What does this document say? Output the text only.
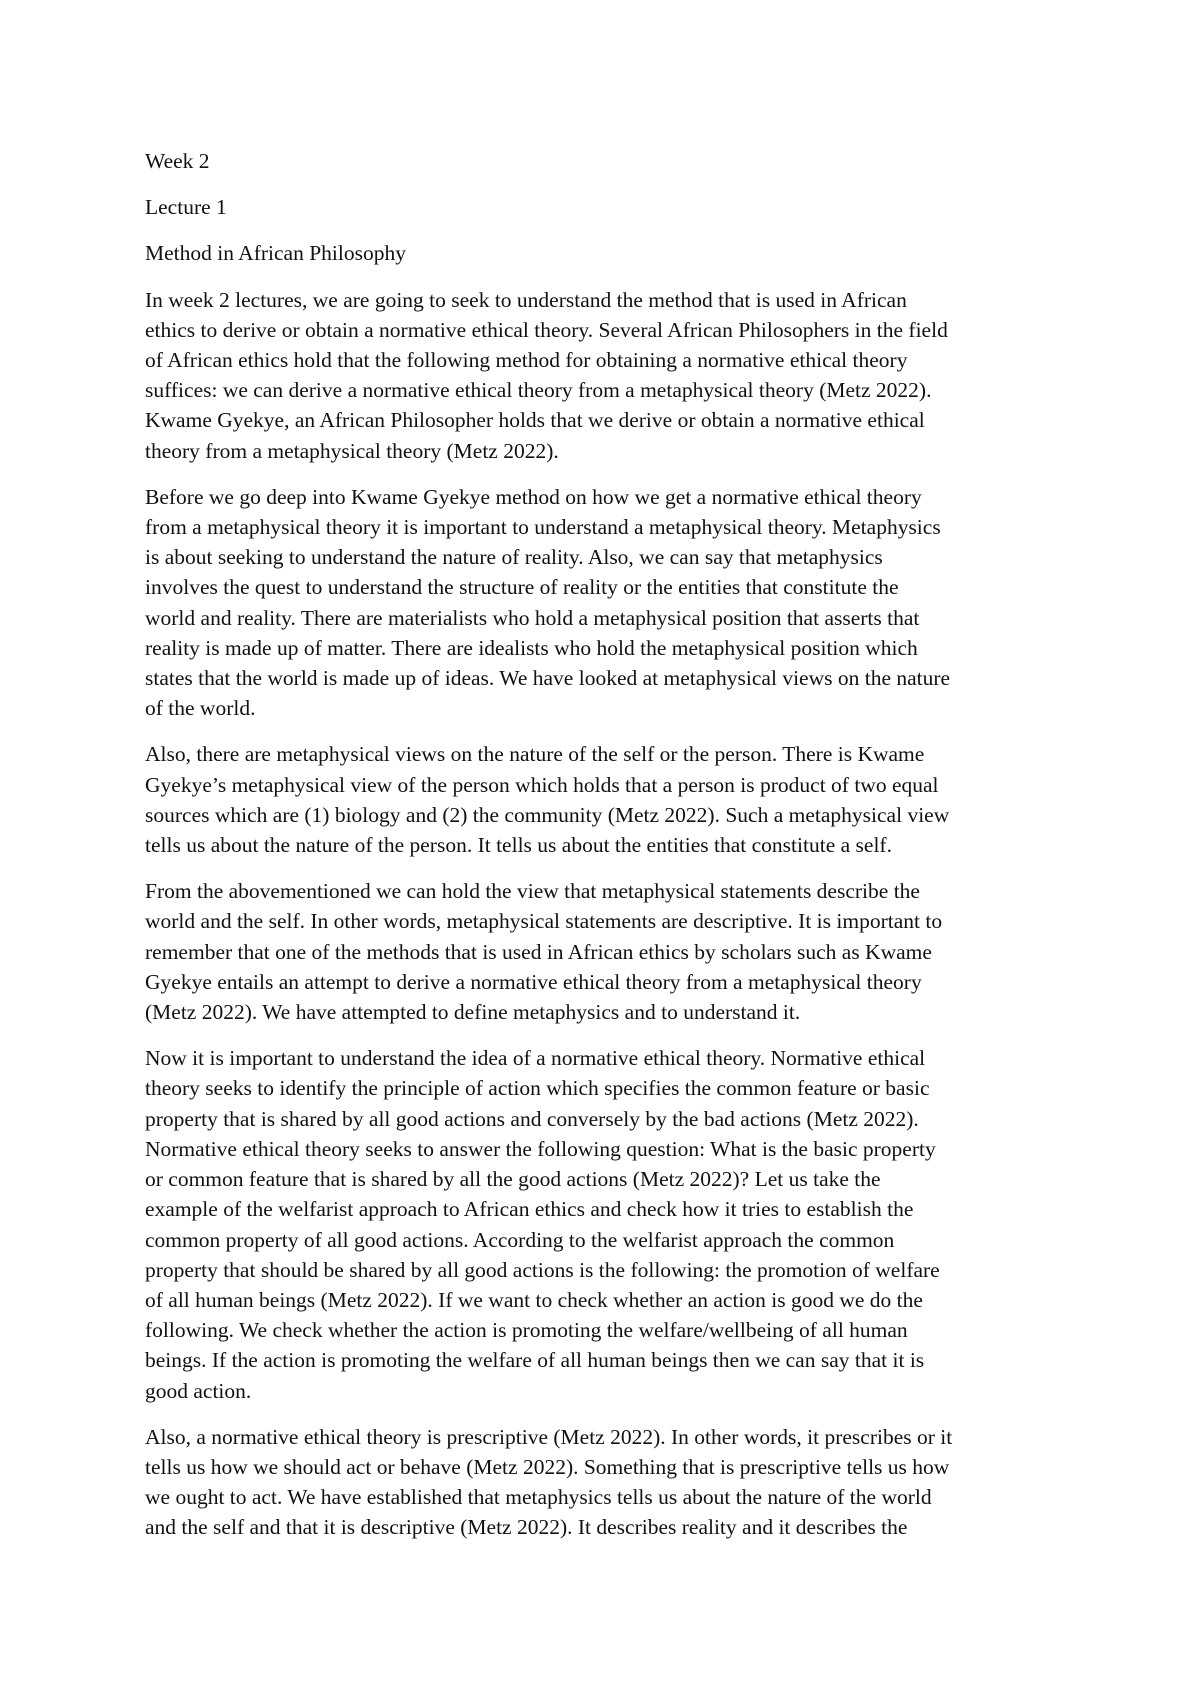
Week 2

Lecture 1

Method in African Philosophy

In week 2 lectures, we are going to seek to understand the method that is used in African
ethics to derive or obtain a normative ethical theory. Several African Philosophers in the field
of African ethics hold that the following method for obtaining a normative ethical theory
suffices: we can derive a normative ethical theory from a metaphysical theory (Metz 2022).
Kwame Gyekye, an African Philosopher holds that we derive or obtain a normative ethical
theory from a metaphysical theory (Metz 2022).

Before we go deep into Kwame Gyekye method on how we get a normative ethical theory
from a metaphysical theory it is important to understand a metaphysical theory. Metaphysics
is about seeking to understand the nature of reality. Also, we can say that metaphysics
involves the quest to understand the structure of reality or the entities that constitute the
world and reality. There are materialists who hold a metaphysical position that asserts that
reality is made up of matter. There are idealists who hold the metaphysical position which
states that the world is made up of ideas. We have looked at metaphysical views on the nature
of the world.

Also, there are metaphysical views on the nature of the self or the person. There is Kwame
Gyekye’s metaphysical view of the person which holds that a person is product of two equal
sources which are (1) biology and (2) the community (Metz 2022). Such a metaphysical view
tells us about the nature of the person. It tells us about the entities that constitute a self.

From the abovementioned we can hold the view that metaphysical statements describe the
world and the self. In other words, metaphysical statements are descriptive. It is important to
remember that one of the methods that is used in African ethics by scholars such as Kwame
Gyekye entails an attempt to derive a normative ethical theory from a metaphysical theory
(Metz 2022). We have attempted to define metaphysics and to understand it.

Now it is important to understand the idea of a normative ethical theory. Normative ethical
theory seeks to identify the principle of action which specifies the common feature or basic
property that is shared by all good actions and conversely by the bad actions (Metz 2022).
Normative ethical theory seeks to answer the following question: What is the basic property
or common feature that is shared by all the good actions (Metz 2022)? Let us take the
example of the welfarist approach to African ethics and check how it tries to establish the
common property of all good actions. According to the welfarist approach the common
property that should be shared by all good actions is the following: the promotion of welfare
of all human beings (Metz 2022). If we want to check whether an action is good we do the
following. We check whether the action is promoting the welfare/wellbeing of all human
beings. If the action is promoting the welfare of all human beings then we can say that it is
good action.

Also, a normative ethical theory is prescriptive (Metz 2022). In other words, it prescribes or it
tells us how we should act or behave (Metz 2022). Something that is prescriptive tells us how
we ought to act. We have established that metaphysics tells us about the nature of the world
and the self and that it is descriptive (Metz 2022). It describes reality and it describes the
